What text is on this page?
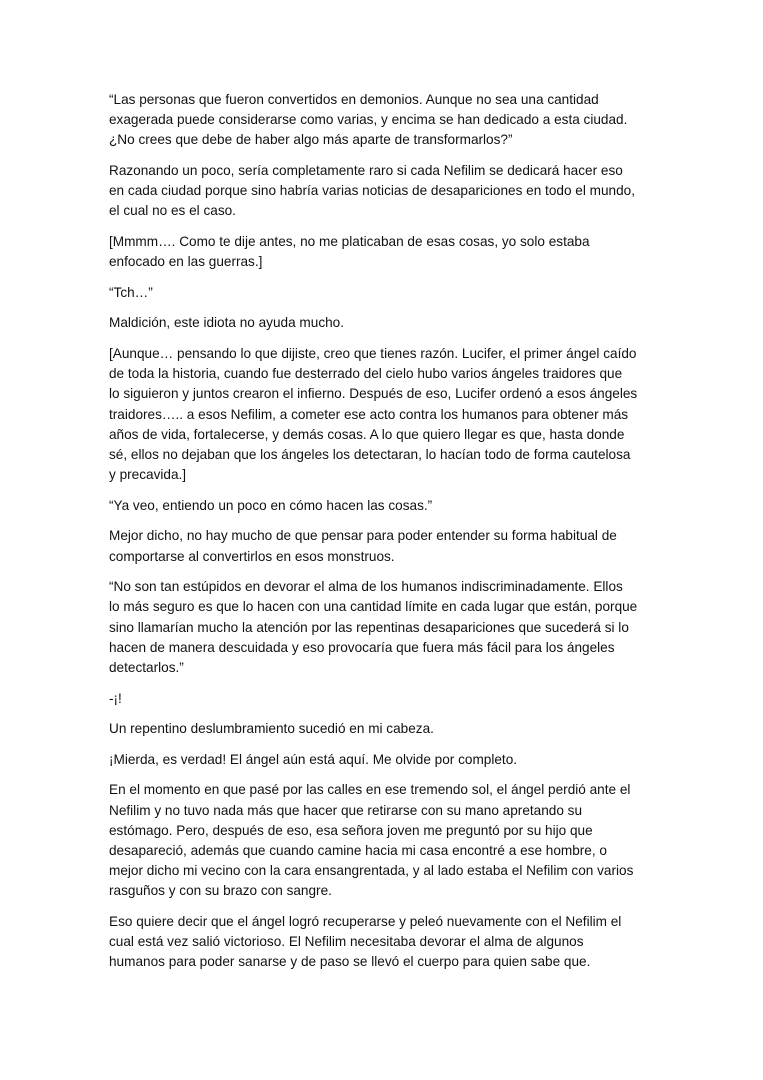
“Las personas que fueron convertidos en demonios. Aunque no sea una cantidad
exagerada puede considerarse como varias, y encima se han dedicado a esta ciudad.
¿No crees que debe de haber algo más aparte de transformarlos?”

Razonando un poco, sería completamente raro si cada Nefilim se dedicará hacer eso
en cada ciudad porque sino habría varias noticias de desapariciones en todo el mundo,
el cual no es el caso.

[Mmmm…. Como te dije antes, no me platicaban de esas cosas, yo solo estaba
enfocado en las guerras.]

“Tch…”

Maldición, este idiota no ayuda mucho.

[Aunque… pensando lo que dijiste, creo que tienes razón. Lucifer, el primer ángel caído
de toda la historia, cuando fue desterrado del cielo hubo varios ángeles traidores que
lo siguieron y juntos crearon el infierno. Después de eso, Lucifer ordenó a esos ángeles
traidores….. a esos Nefilim, a cometer ese acto contra los humanos para obtener más
años de vida, fortalecerse, y demás cosas. A lo que quiero llegar es que, hasta donde
sé, ellos no dejaban que los ángeles los detectaran, lo hacían todo de forma cautelosa
y precavida.]

“Ya veo, entiendo un poco en cómo hacen las cosas.”

Mejor dicho, no hay mucho de que pensar para poder entender su forma habitual de
comportarse al convertirlos en esos monstruos.

“No son tan estúpidos en devorar el alma de los humanos indiscriminadamente. Ellos
lo más seguro es que lo hacen con una cantidad límite en cada lugar que están, porque
sino llamarían mucho la atención por las repentinas desapariciones que sucederá si lo
hacen de manera descuidada y eso provocaría que fuera más fácil para los ángeles
detectarlos.”

-¡!

Un repentino deslumbramiento sucedió en mi cabeza.

¡Mierda, es verdad! El ángel aún está aquí. Me olvide por completo.

En el momento en que pasé por las calles en ese tremendo sol, el ángel perdió ante el
Nefilim y no tuvo nada más que hacer que retirarse con su mano apretando su
estómago. Pero, después de eso, esa señora joven me preguntó por su hijo que
desapareció, además que cuando camine hacia mi casa encontré a ese hombre, o
mejor dicho mi vecino con la cara ensangrentada, y al lado estaba el Nefilim con varios
rasguños y con su brazo con sangre.

Eso quiere decir que el ángel logró recuperarse y peleó nuevamente con el Nefilim el
cual está vez salió victorioso. El Nefilim necesitaba devorar el alma de algunos
humanos para poder sanarse y de paso se llevó el cuerpo para quien sabe que.
